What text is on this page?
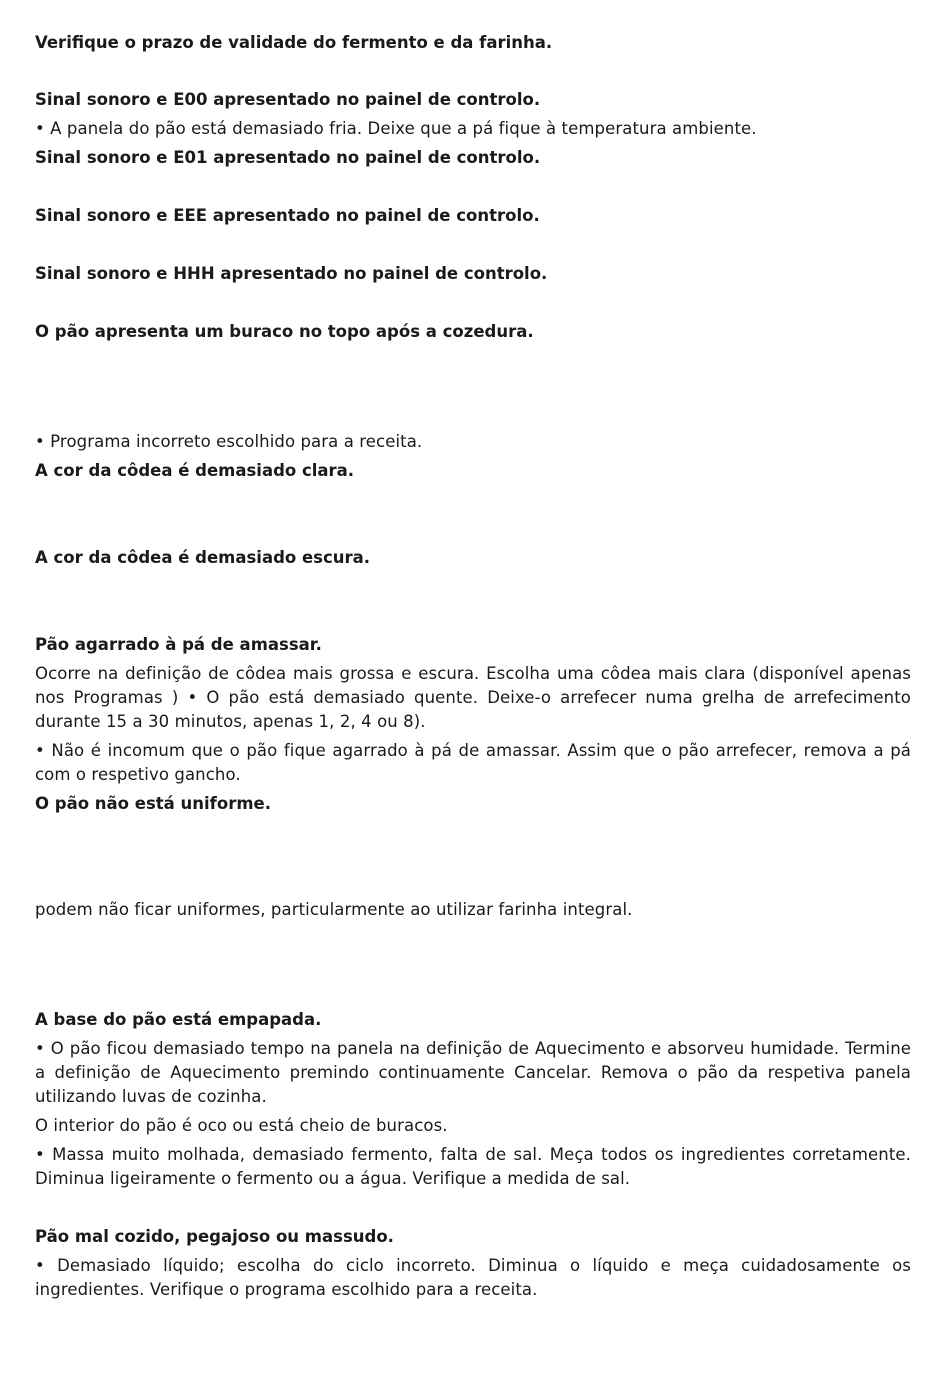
Verifique o prazo de validade do fermento e da farinha.

Sinal sonoro e E00 apresentado no painel de controlo.

• A panela do pão está demasiado fria. Deixe que a pá fique à temperatura ambiente.

Sinal sonoro e E01 apresentado no painel de controlo.

Sinal sonoro e EEE apresentado no painel de controlo.

Sinal sonoro e HHH apresentado no painel de controlo.

O pão apresenta um buraco no topo após a cozedura.

• Programa incorreto escolhido para a receita.

A cor da côdea é demasiado clara.

A cor da côdea é demasiado escura.

Pão agarrado à pá de amassar.

Ocorre na definição de côdea mais grossa e escura. Escolha uma côdea mais clara (disponível apenas nos Programas ) • O pão está demasiado quente. Deixe-o arrefecer numa grelha de arrefecimento durante 15 a 30 minutos, apenas 1, 2, 4 ou 8).

• Não é incomum que o pão fique agarrado à pá de amassar. Assim que o pão arrefecer, remova a pá com o respetivo gancho.

O pão não está uniforme.

podem não ficar uniformes, particularmente ao utilizar farinha integral.

A base do pão está empapada.

• O pão ficou demasiado tempo na panela na definição de Aquecimento e absorveu humidade. Termine a definição de Aquecimento premindo continuamente Cancelar. Remova o pão da respetiva panela utilizando luvas de cozinha.

O interior do pão é oco ou está cheio de buracos.

• Massa muito molhada, demasiado fermento, falta de sal. Meça todos os ingredientes corretamente. Diminua ligeiramente o fermento ou a água. Verifique a medida de sal.

Pão mal cozido, pegajoso ou massudo.

• Demasiado líquido; escolha do ciclo incorreto. Diminua o líquido e meça cuidadosamente os ingredientes. Verifique o programa escolhido para a receita.
